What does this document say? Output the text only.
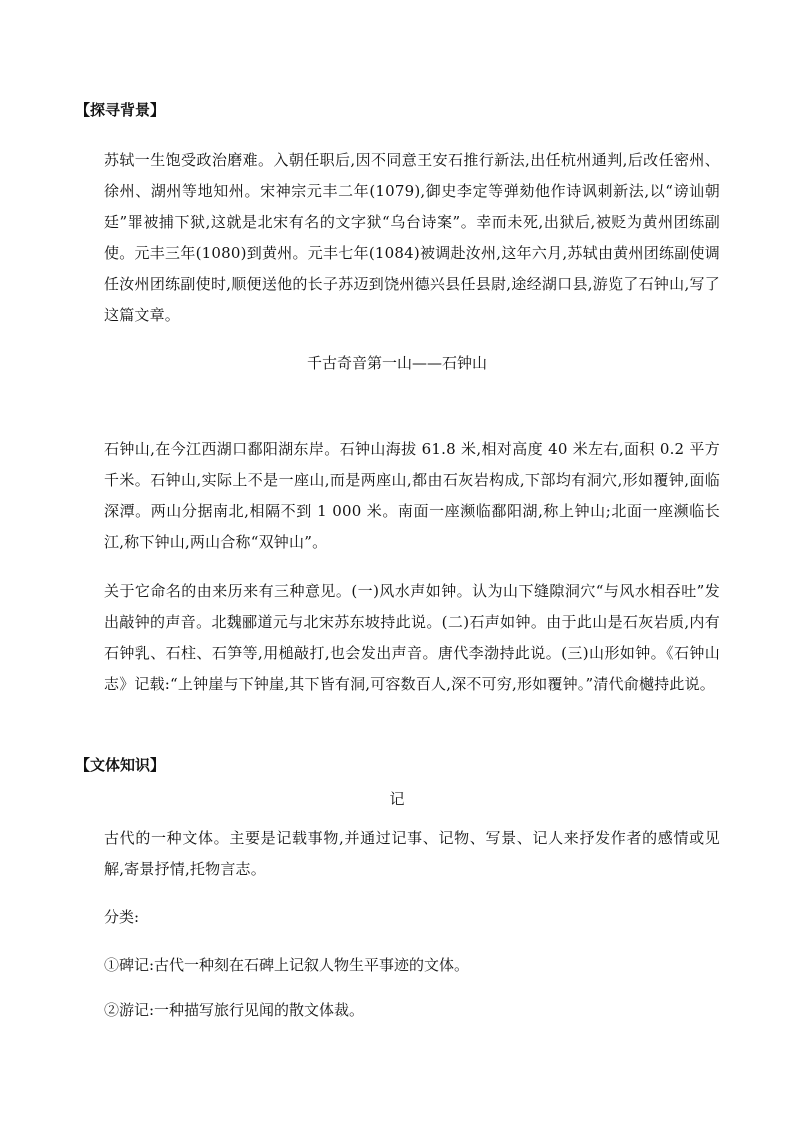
【探寻背景】
苏轼一生饱受政治磨难。入朝任职后,因不同意王安石推行新法,出任杭州通判,后改任密州、徐州、湖州等地知州。宋神宗元丰二年(1079),御史李定等弹劾他作诗讽刺新法,以“谤讪朝廷”罪被捕下狱,这就是北宋有名的文字狱“乌台诗案”。幸而未死,出狱后,被贬为黄州团练副使。元丰三年(1080)到黄州。元丰七年(1084)被调赴汝州,这年六月,苏轼由黄州团练副使调任汝州团练副使时,顺便送他的长子苏迈到饶州德兴县任县尉,途经湖口县,游览了石钟山,写了这篇文章。
千古奇音第一山——石钟山
石钟山,在今江西湖口鄱阳湖东岸。石钟山海拔 61.8 米,相对高度 40 米左右,面积 0.2 平方千米。石钟山,实际上不是一座山,而是两座山,都由石灰岩构成,下部均有洞穴,形如覆钟,面临深潭。两山分据南北,相隔不到 1 000 米。南面一座濒临鄱阳湖,称上钟山;北面一座濒临长江,称下钟山,两山合称“双钟山”。
关于它命名的由来历来有三种意见。(一)风水声如钟。认为山下缝隙洞穴“与风水相吞吐”发出敲钟的声音。北魏郦道元与北宋苏东坡持此说。(二)石声如钟。由于此山是石灰岩质,内有石钟乳、石柱、石笋等,用槌敲打,也会发出声音。唐代李渤持此说。(三)山形如钟。《石钟山志》记载:“上钟崖与下钟崖,其下皆有洞,可容数百人,深不可穷,形如覆钟。”清代俞樾持此说。
【文体知识】
记
古代的一种文体。主要是记载事物,并通过记事、记物、写景、记人来抒发作者的感情或见解,寄景抒情,托物言志。
分类:
①碑记:古代一种刻在石碑上记叙人物生平事迹的文体。
②游记:一种描写旅行见闻的散文体裁。
